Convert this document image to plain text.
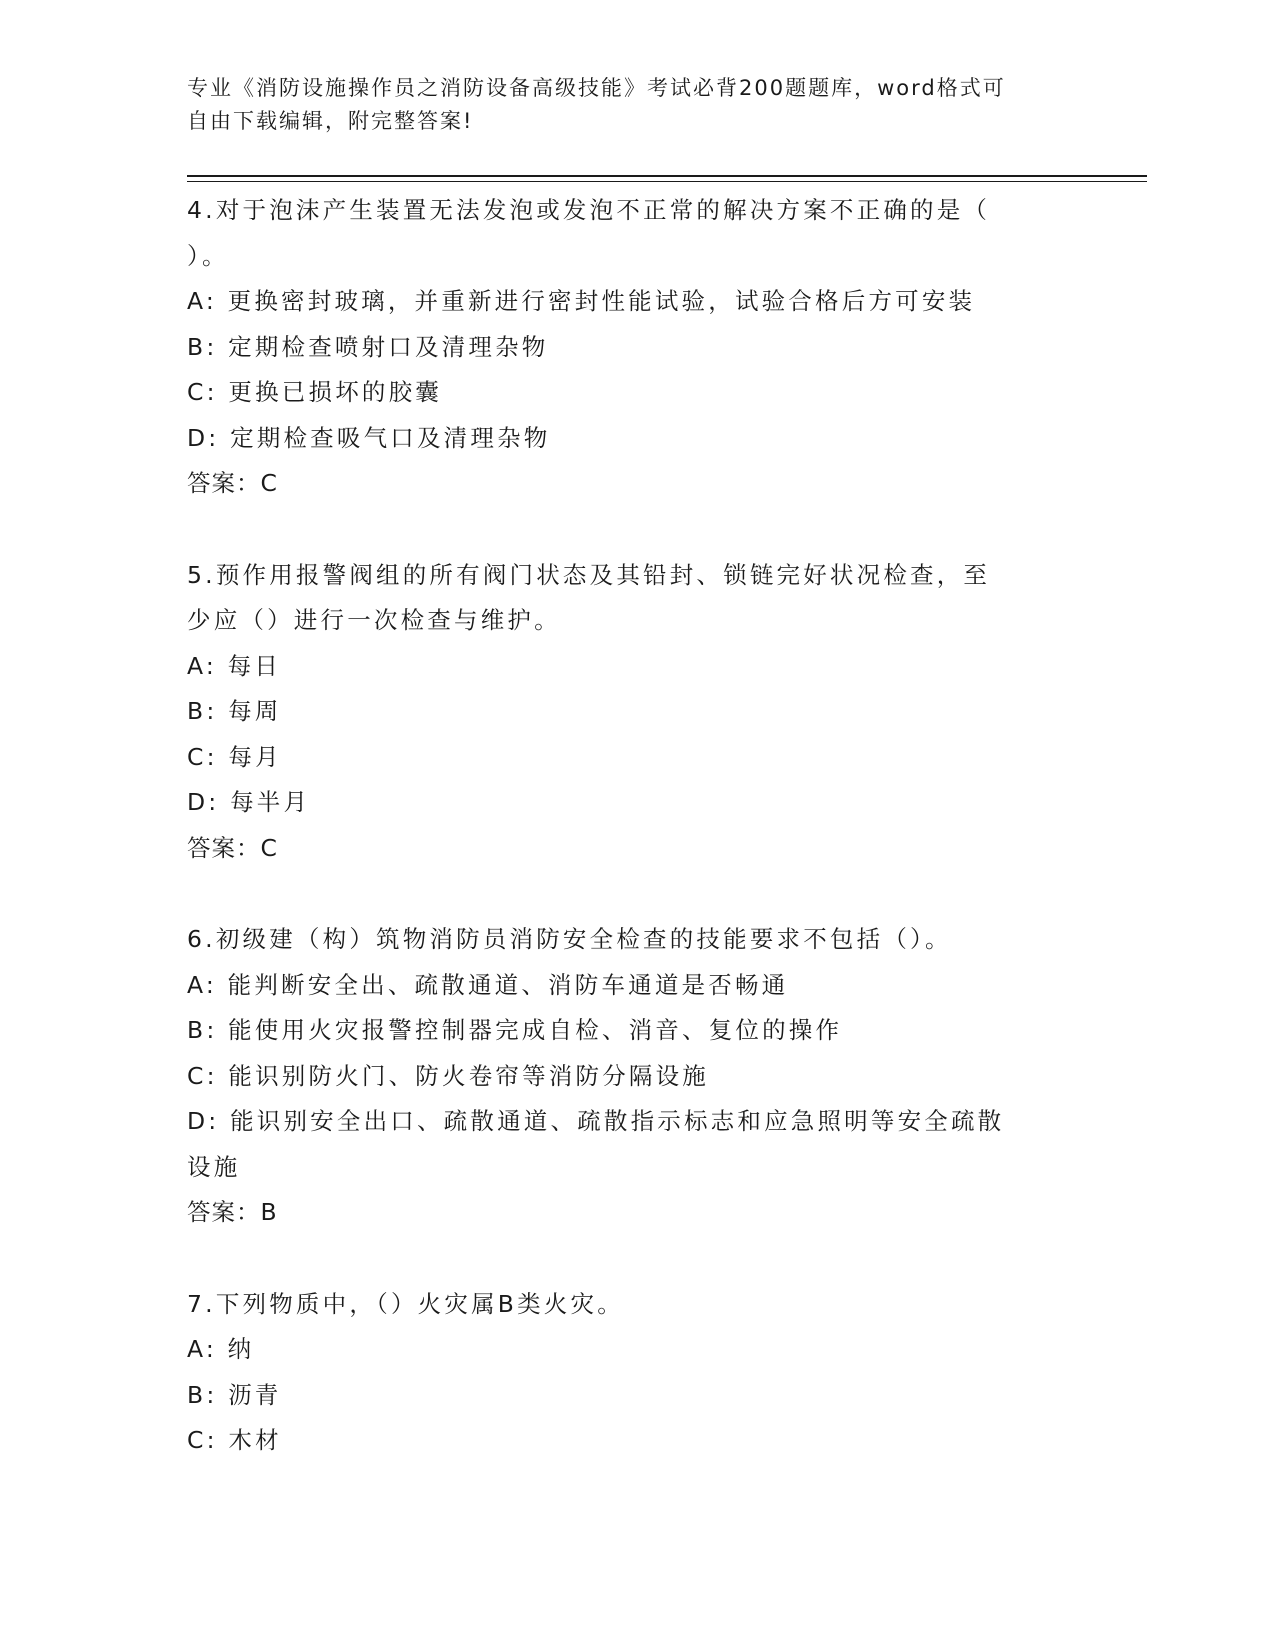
专业《消防设施操作员之消防设备高级技能》考试必背200题题库，word格式可
自由下载编辑，附完整答案!
4.对于泡沫产生装置无法发泡或发泡不正常的解决方案不正确的是（
）。
A: 更换密封玻璃，并重新进行密封性能试验，试验合格后方可安装
B: 定期检查喷射口及清理杂物
C: 更换已损坏的胶囊
D: 定期检查吸气口及清理杂物
答案：C
5.预作用报警阀组的所有阀门状态及其铅封、锁链完好状况检查，至
少应（）进行一次检查与维护。
A: 每日
B: 每周
C: 每月
D: 每半月
答案：C
6.初级建（构）筑物消防员消防安全检查的技能要求不包括（）。
A: 能判断安全出、疏散通道、消防车通道是否畅通
B: 能使用火灾报警控制器完成自检、消音、复位的操作
C: 能识别防火门、防火卷帘等消防分隔设施
D: 能识别安全出口、疏散通道、疏散指示标志和应急照明等安全疏散
设施
答案：B
7.下列物质中，（）火灾属B类火灾。
A: 纳
B: 沥青
C: 木材
